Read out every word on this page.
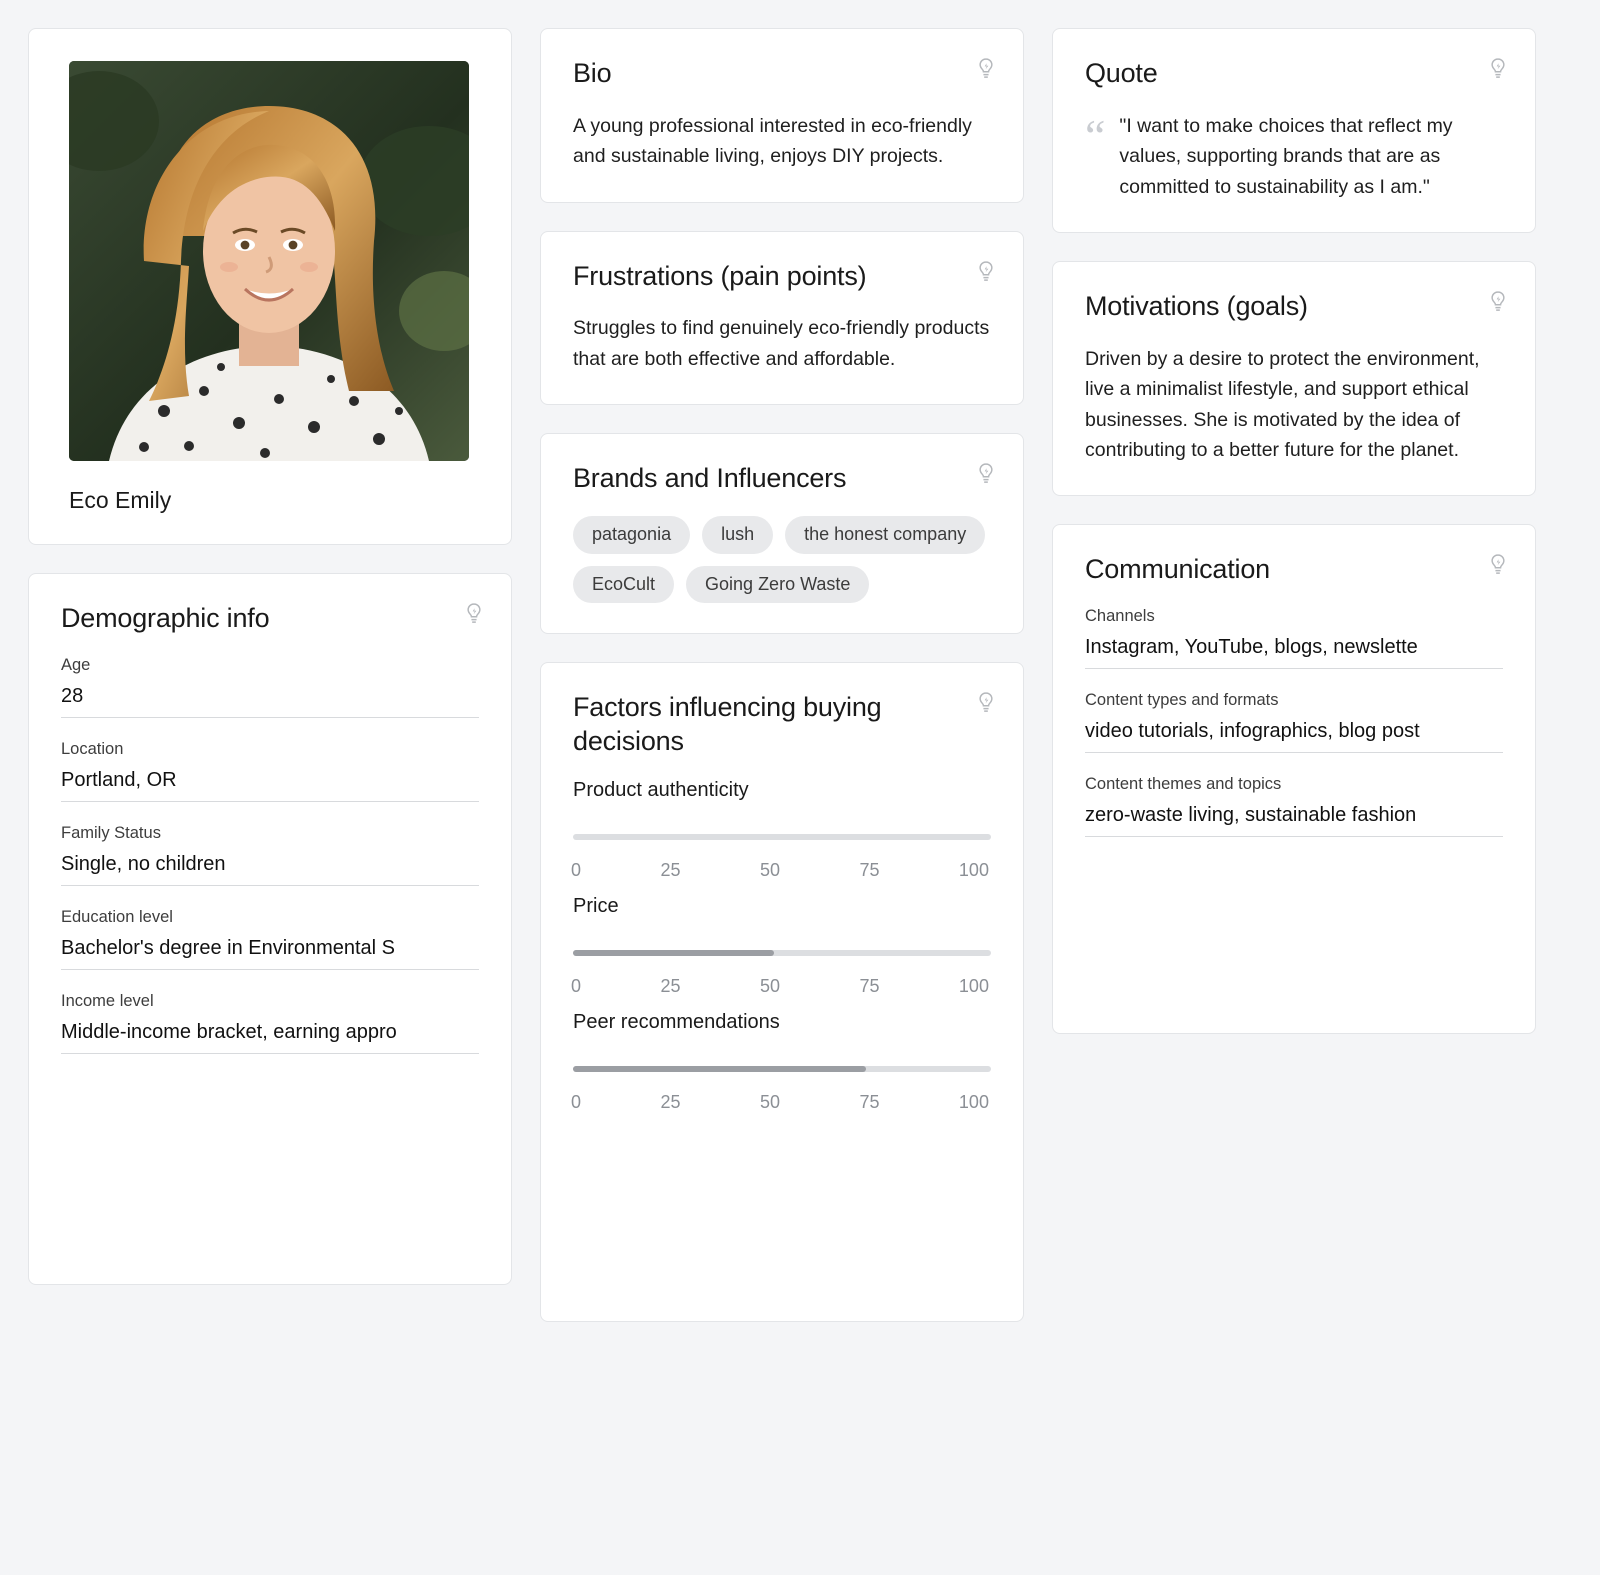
Eco Emily
Demographic info
Age
28
Location
Portland, OR
Family Status
Single, no children
Education level
Bachelor's degree in Environmental S
Income level
Middle-income bracket, earning appro
Bio

A young professional interested in eco-friendly and sustainable living, enjoys DIY projects.

Frustrations (pain points)

Struggles to find genuinely eco-friendly products that are both effective and affordable.

Brands and Influencers
patagonia	lush	the honest company
EcoCult	Going Zero Waste
Factors influencing buying decisions
Product authenticity
0	25	50	75	100
Price
0	25	50	75	100
Peer recommendations
0	25	50	75	100
Quote
“ "I want to make choices that reflect my values, supporting brands that are as committed to sustainability as I am."

Motivations (goals)

Driven by a desire to protect the environment, live a minimalist lifestyle, and support ethical businesses. She is motivated by the idea of contributing to a better future for the planet.

Communication
Channels
Instagram, YouTube, blogs, newslette
Content types and formats
video tutorials, infographics, blog post
Content themes and topics
zero-waste living, sustainable fashion
